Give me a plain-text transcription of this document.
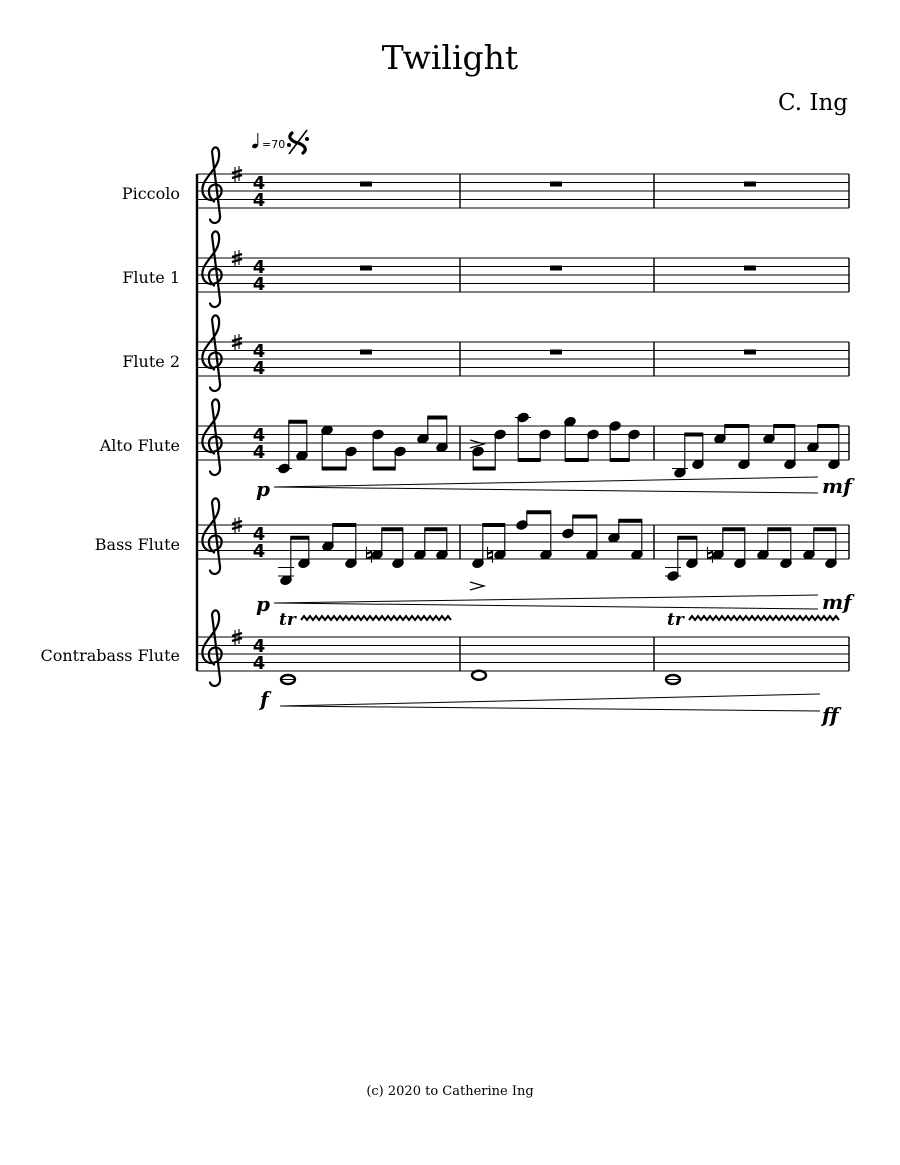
Twilight
C. Ing
Piccolo
Flute 1
Flute 2
Alto Flute
Bass Flute
Contrabass Flute
=70
4
4
4
4
4
4
4
4
4
4
4
4
p	mf
p	mf
f
ff
tr	tr
(c) 2020 to Catherine Ing
